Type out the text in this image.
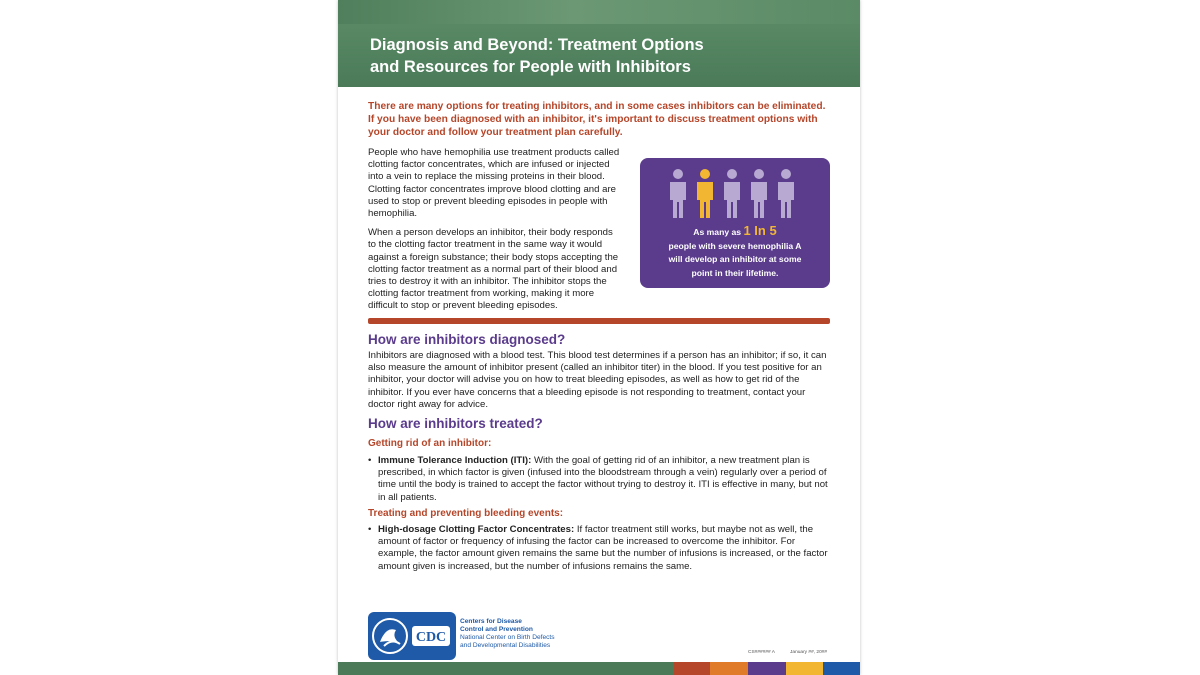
Diagnosis and Beyond: Treatment Options
and Resources for People with Inhibitors
There are many options for treating inhibitors, and in some cases inhibitors can be eliminated. If you have been diagnosed with an inhibitor, it's important to discuss treatment options with your doctor and follow your treatment plan carefully.

People who have hemophilia use treatment products called clotting factor concentrates, which are infused or injected into a vein to replace the missing proteins in their blood. Clotting factor concentrates improve blood clotting and are used to stop or prevent bleeding episodes in people with hemophilia.

When a person develops an inhibitor, their body responds to the clotting factor treatment in the same way it would against a foreign substance; their body stops accepting the clotting factor treatment as a normal part of their blood and tries to destroy it with an inhibitor. The inhibitor stops the clotting factor treatment from working, making it more difficult to stop or prevent bleeding episodes.

As many as 1 In 5
people with severe hemophilia A
will develop an inhibitor at some
point in their lifetime.
How are inhibitors diagnosed?
Inhibitors are diagnosed with a blood test. This blood test determines if a person has an inhibitor; if so, it can also measure the amount of inhibitor present (called an inhibitor titer) in the blood. If you test positive for an inhibitor, your doctor will advise you on how to treat bleeding episodes, as well as how to get rid of the inhibitor. If you ever have concerns that a bleeding episode is not responding to treatment, contact your doctor right away for advice.
How are inhibitors treated?
Getting rid of an inhibitor:
• Immune Tolerance Induction (ITI): With the goal of getting rid of an inhibitor, a new treatment plan is prescribed, in which factor is given (infused into the bloodstream through a vein) regularly over a period of time until the body is trained to accept the factor without trying to destroy it. ITI is effective in many, but not in all patients.
Treating and preventing bleeding events:
• High-dosage Clotting Factor Concentrates: If factor treatment still works, but maybe not as well, the amount of factor or frequency of infusing the factor can be increased to overcome the inhibitor. For example, the factor amount given remains the same but the number of infusions is increased, or the factor amount given is increased, but the number of infusions remains the same.
CDC
Centers for Disease
Control and Prevention
National Center on Birth Defects
and Developmental Disabilities
CS###### A	January ##, 20##
